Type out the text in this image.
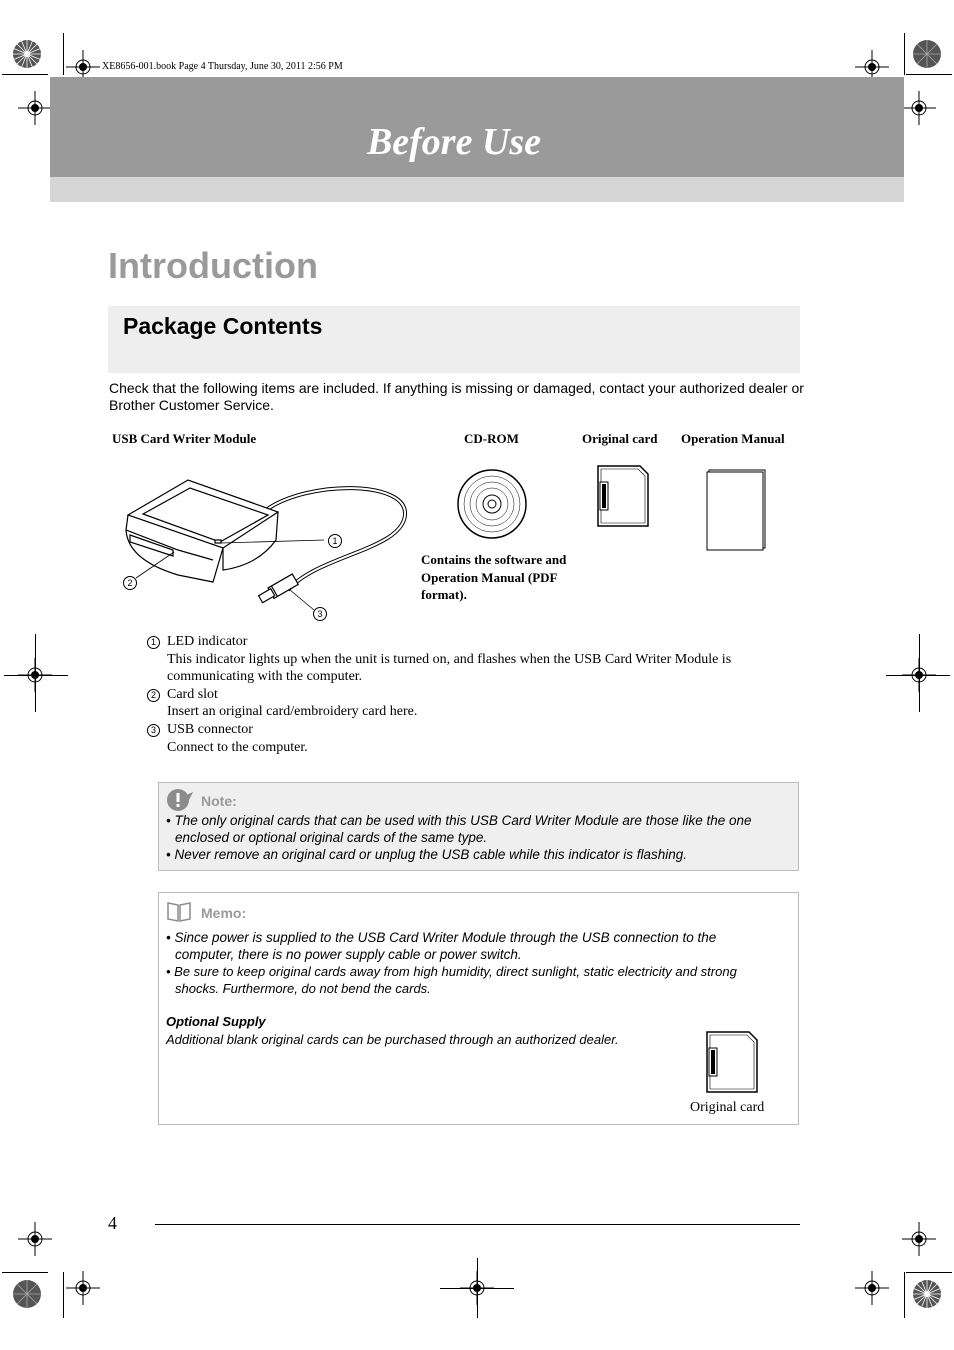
XE8656-001.book Page 4 Thursday, June 30, 2011 2:56 PM
Before Use
Introduction
Package Contents
Check that the following items are included. If anything is missing or damaged, contact your authorized dealer or Brother Customer Service.
USB Card Writer Module	CD-ROM	Original card Operation Manual
1
2
3
Contains the software and Operation Manual (PDF format).
1 LED indicator
This indicator lights up when the unit is turned on, and flashes when the USB Card Writer Module is communicating with the computer.
2 Card slot
Insert an original card/embroidery card here.
3 USB connector
Connect to the computer.
Note:
• The only original cards that can be used with this USB Card Writer Module are those like the one
enclosed or optional original cards of the same type.
• Never remove an original card or unplug the USB cable while this indicator is flashing.
Memo:
• Since power is supplied to the USB Card Writer Module through the USB connection to the
computer, there is no power supply cable or power switch.
• Be sure to keep original cards away from high humidity, direct sunlight, static electricity and strong
shocks. Furthermore, do not bend the cards.
Optional Supply
Additional blank original cards can be purchased through an authorized dealer.
Original card
4
